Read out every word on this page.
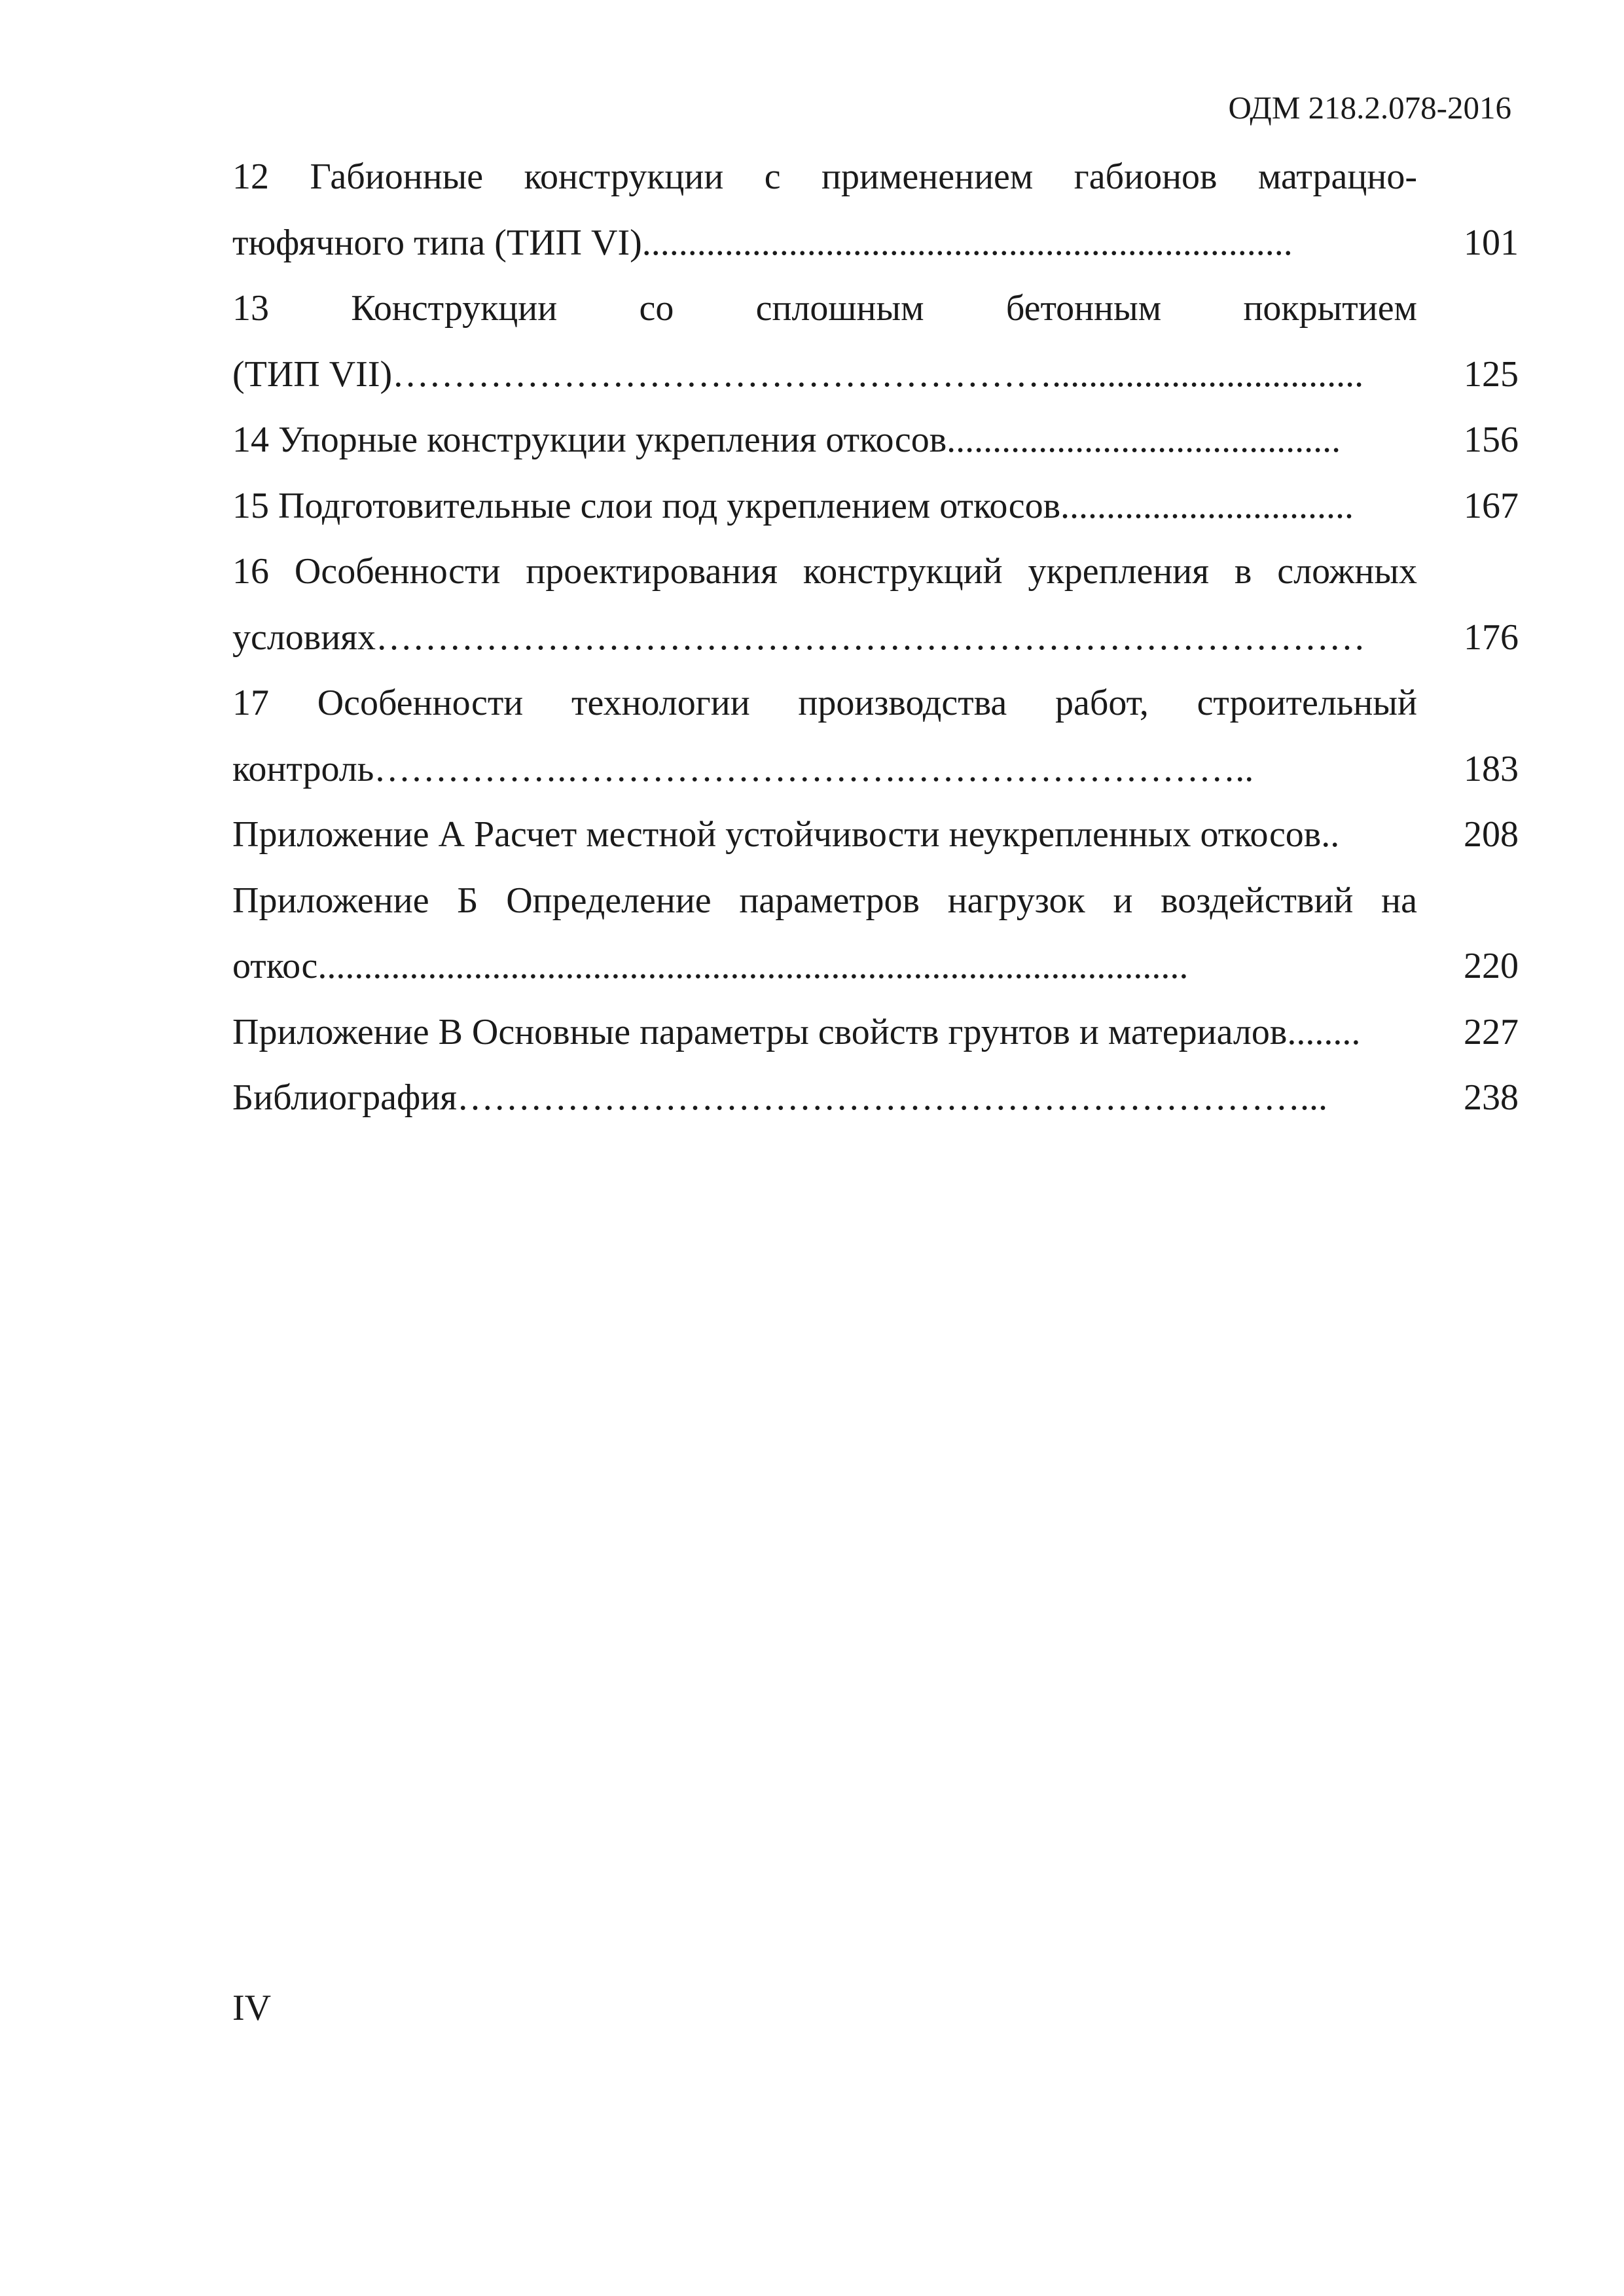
ОДМ 218.2.078-2016
12 Габионные конструкции с применением габионов матрацно-
тюфячного типа (ТИП VI).......................................................................	101
13 Конструкции со сплошным бетонным покрытием
(ТИП VII)………………………………………………..................................	125
14 Упорные конструкции укрепления откосов...........................................	156
15 Подготовительные слои под укреплением откосов................................	167
16 Особенности проектирования конструкций укрепления в сложных
условиях………………………………………………………………………	176
17 Особенности технологии производства работ, строительный
контроль…………….……………………….………………………..	183
Приложение А Расчет местной устойчивости неукрепленных откосов..	208
Приложение Б Определение параметров нагрузок и воздействий на
откос...............................................................................................	220
Приложение В Основные параметры свойств грунтов и материалов........	227
Библиография……………………………………………………………...	238
IV
